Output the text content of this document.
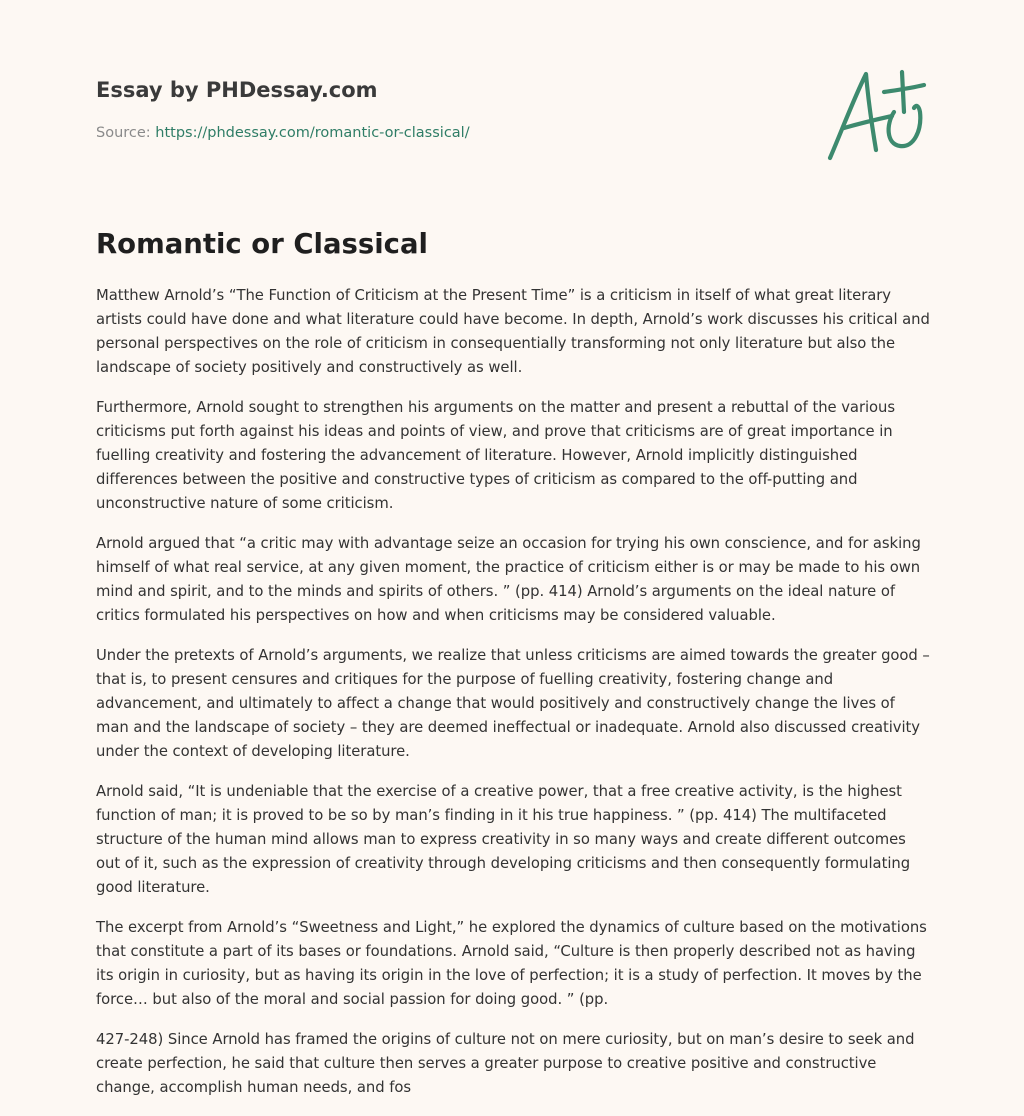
Essay by PHDessay.com
Source: https://phdessay.com/romantic-or-classical/
Romantic or Classical

Matthew Arnold’s “The Function of Criticism at the Present Time” is a criticism in itself of what great literary artists could have done and what literature could have become. In depth, Arnold’s work discusses his critical and personal perspectives on the role of criticism in consequentially transforming not only literature but also the landscape of society positively and constructively as well.

Furthermore, Arnold sought to strengthen his arguments on the matter and present a rebuttal of the various criticisms put forth against his ideas and points of view, and prove that criticisms are of great importance in fuelling creativity and fostering the advancement of literature. However, Arnold implicitly distinguished differences between the positive and constructive types of criticism as compared to the off-putting and unconstructive nature of some criticism.

Arnold argued that “a critic may with advantage seize an occasion for trying his own conscience, and for asking himself of what real service, at any given moment, the practice of criticism either is or may be made to his own mind and spirit, and to the minds and spirits of others. ” (pp. 414) Arnold’s arguments on the ideal nature of critics formulated his perspectives on how and when criticisms may be considered valuable.

Under the pretexts of Arnold’s arguments, we realize that unless criticisms are aimed towards the greater good – that is, to present censures and critiques for the purpose of fuelling creativity, fostering change and advancement, and ultimately to affect a change that would positively and constructively change the lives of man and the landscape of society – they are deemed ineffectual or inadequate. Arnold also discussed creativity under the context of developing literature.

Arnold said, “It is undeniable that the exercise of a creative power, that a free creative activity, is the highest function of man; it is proved to be so by man’s finding in it his true happiness. ” (pp. 414) The multifaceted structure of the human mind allows man to express creativity in so many ways and create different outcomes out of it, such as the expression of creativity through developing criticisms and then consequently formulating good literature.

The excerpt from Arnold’s “Sweetness and Light,” he explored the dynamics of culture based on the motivations that constitute a part of its bases or foundations. Arnold said, “Culture is then properly described not as having its origin in curiosity, but as having its origin in the love of perfection; it is a study of perfection. It moves by the force… but also of the moral and social passion for doing good. ” (pp.

427-248) Since Arnold has framed the origins of culture not on mere curiosity, but on man’s desire to seek and create perfection, he said that culture then serves a greater purpose to creative positive and constructive change, accomplish human needs, and fos
